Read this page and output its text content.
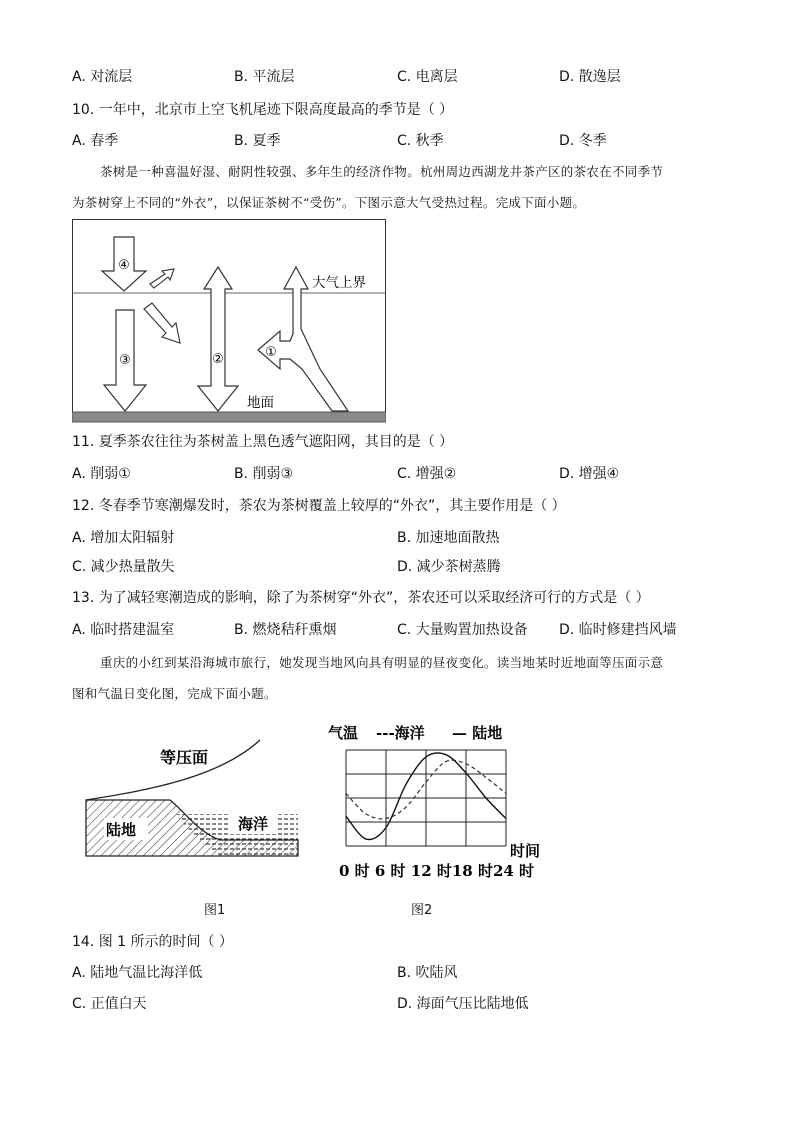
A. 对流层	B. 平流层	C. 电离层	D. 散逸层
10. 一年中，北京市上空飞机尾迹下限高度最高的季节是（ ）
A. 春季	B. 夏季	C. 秋季	D. 冬季
茶树是一种喜温好湿、耐阴性较强、多年生的经济作物。杭州周边西湖龙井茶产区的茶农在不同季节
为茶树穿上不同的“外衣”，以保证茶树不“受伤”。下图示意大气受热过程。完成下面小题。
④
③	②	①
大气上界
地面
11. 夏季茶农往往为茶树盖上黑色透气遮阳网，其目的是（ ）
A. 削弱①	B. 削弱③	C. 增强②	D. 增强④
12. 冬春季节寒潮爆发时，茶农为茶树覆盖上较厚的“外衣”，其主要作用是（ ）
A. 增加太阳辐射	B. 加速地面散热
C. 减少热量散失	D. 减少茶树蒸腾
13. 为了减轻寒潮造成的影响，除了为茶树穿“外衣”，茶农还可以采取经济可行的方式是（ ）
A. 临时搭建温室	B. 燃烧秸秆熏烟	C. 大量购置加热设备 D. 临时修建挡风墙
重庆的小红到某沿海城市旅行，她发现当地风向具有明显的昼夜变化。读当地某时近地面等压面示意
图和气温日变化图，完成下面小题。
等压面
陆地	海洋
气温 ---海洋 — 陆地
时间
0 时 6 时 12 时18 时24 时
图1	图2
14. 图 1 所示的时间（ ）
A. 陆地气温比海洋低	B. 吹陆风
C. 正值白天	D. 海面气压比陆地低
